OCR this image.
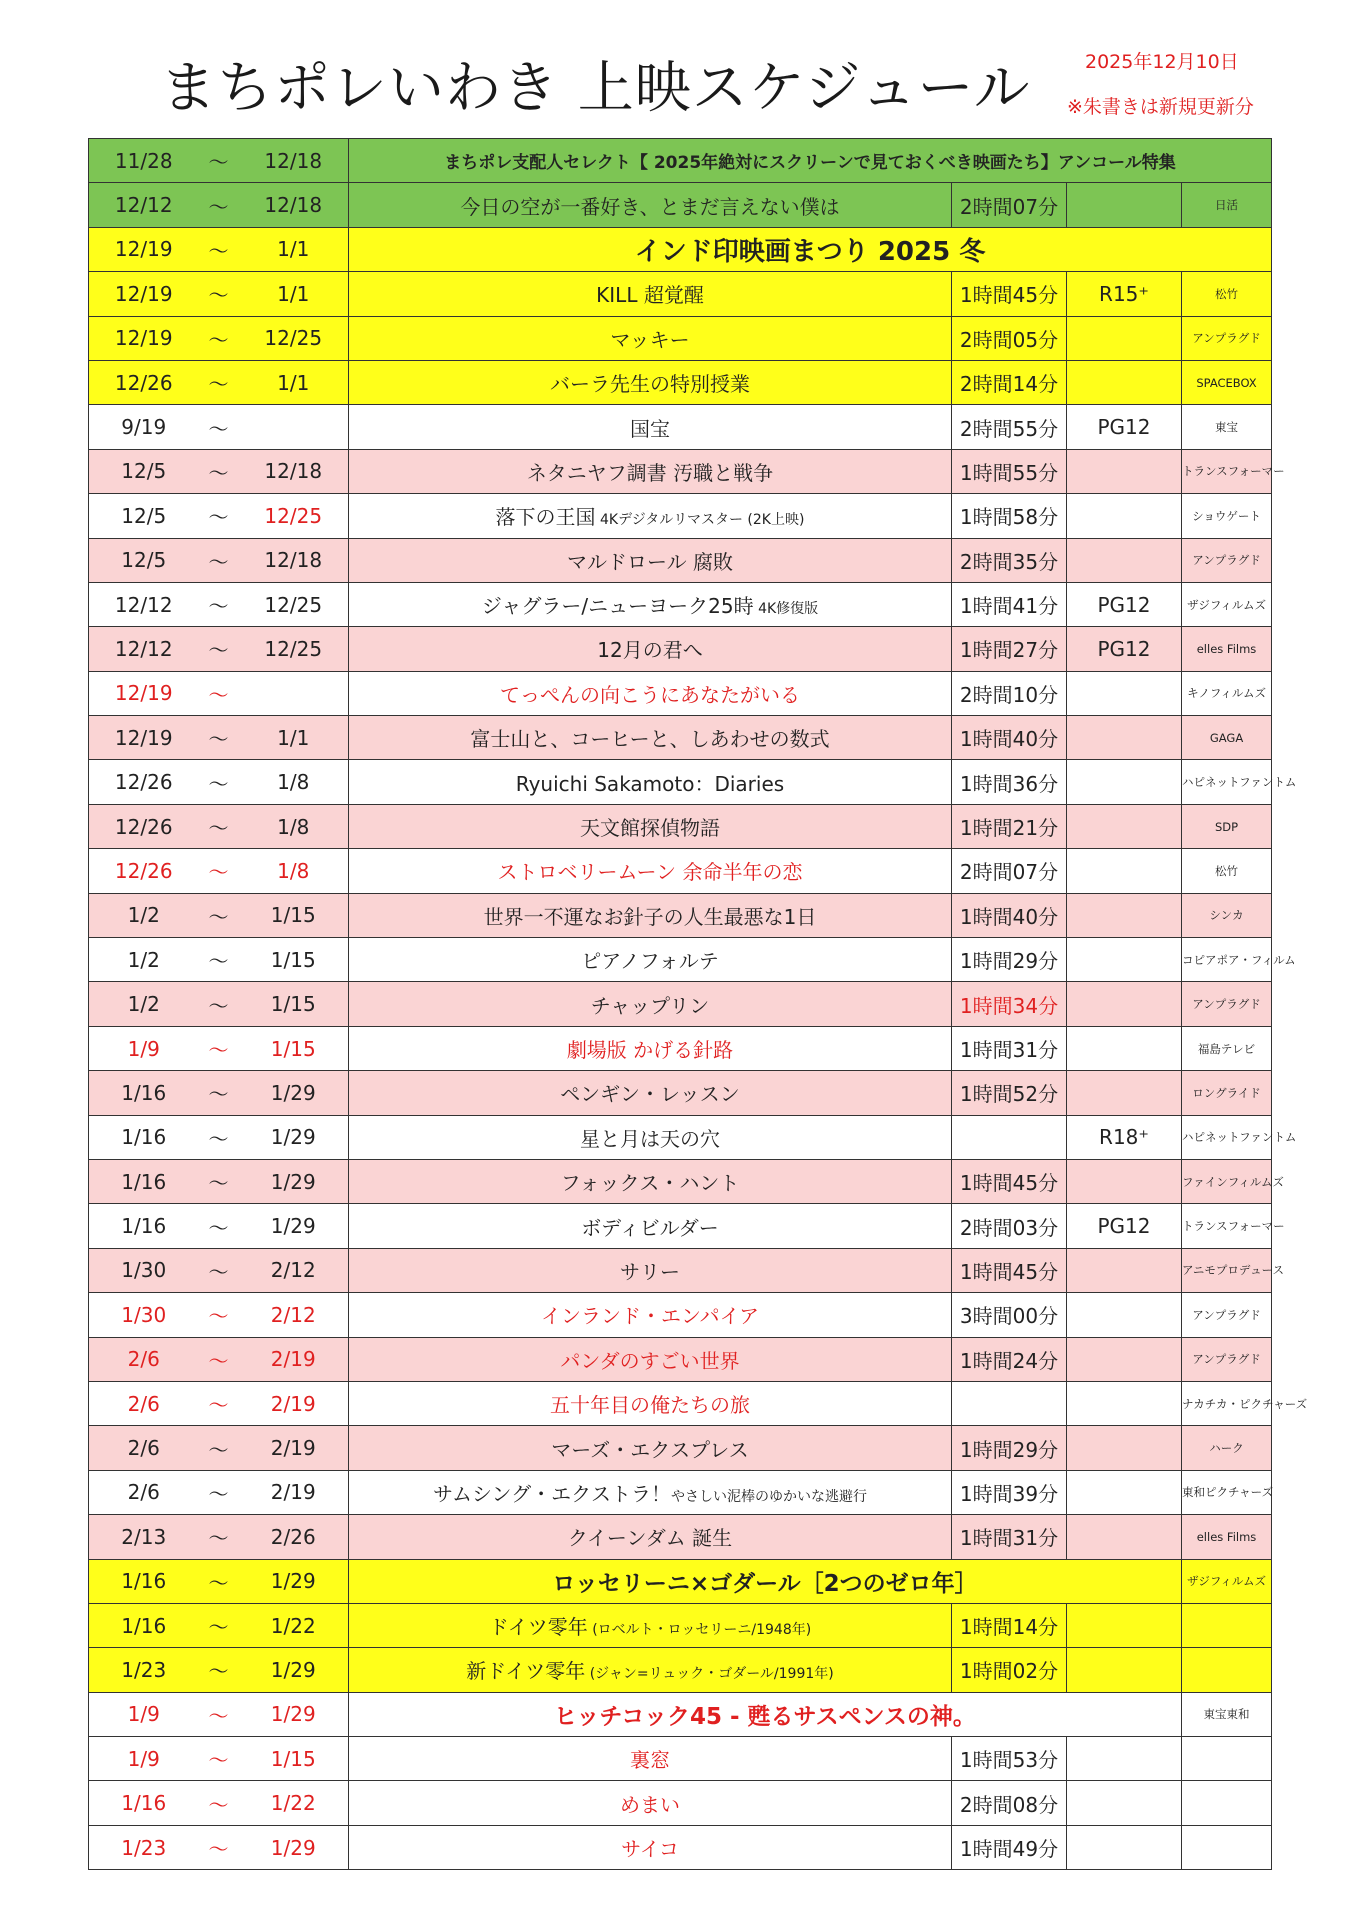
まちポレいわき 上映スケジュール	2025年12月10日
※朱書きは新規更新分
11/28	～	12/18	まちポレ支配人セレクト【 2025年絶対にスクリーンで見ておくべき映画たち】アンコール特集			
12/12	～	12/18	今日の空が一番好き、とまだ言えない僕は	2時間07分		日活
12/19	～	1/1	インド印映画まつり 2025 冬			
12/19	～	1/1	KILL 超覚醒	1時間45分	R15⁺	松竹
12/19	～	12/25	マッキー	2時間05分		アンプラグド
12/26	～	1/1	バーラ先生の特別授業	2時間14分		SPACEBOX
9/19	～		国宝	2時間55分	PG12	東宝
12/5	～	12/18	ネタニヤフ調書 汚職と戦争	1時間55分		トランスフォーマー
12/5	～	12/25	落下の王国 4Kデジタルリマスター (2K上映)	1時間58分		ショウゲート
12/5	～	12/18	マルドロール 腐敗	2時間35分		アンプラグド
12/12	～	12/25	ジャグラー/ニューヨーク25時 4K修復版	1時間41分	PG12	ザジフィルムズ
12/12	～	12/25	12月の君へ	1時間27分	PG12	elles Films
12/19	～		てっぺんの向こうにあなたがいる	2時間10分		キノフィルムズ
12/19	～	1/1	富士山と、コーヒーと、しあわせの数式	1時間40分		GAGA
12/26	～	1/8	Ryuichi Sakamoto：Diaries	1時間36分		ハピネットファントム
12/26	～	1/8	天文館探偵物語	1時間21分		SDP
12/26	～	1/8	ストロベリームーン 余命半年の恋	2時間07分		松竹
1/2	～	1/15	世界一不運なお針子の人生最悪な1日	1時間40分		シンカ
1/2	～	1/15	ピアノフォルテ	1時間29分		コピアポア・フィルム
1/2	～	1/15	チャップリン	1時間34分		アンプラグド
1/9	～	1/15	劇場版 かげる針路	1時間31分		福島テレビ
1/16	～	1/29	ペンギン・レッスン	1時間52分		ロングライド
1/16	～	1/29	星と月は天の穴		R18⁺	ハピネットファントム
1/16	～	1/29	フォックス・ハント	1時間45分		ファインフィルムズ
1/16	～	1/29	ボディビルダー	2時間03分	PG12	トランスフォーマー
1/30	～	2/12	サリー	1時間45分		アニモプロデュース
1/30	～	2/12	インランド・エンパイア	3時間00分		アンプラグド
2/6	～	2/19	パンダのすごい世界	1時間24分		アンプラグド
2/6	～	2/19	五十年目の俺たちの旅			ナカチカ・ピクチャーズ
2/6	～	2/19	マーズ・エクスプレス	1時間29分		ハーク
2/6	～	2/19	サムシング・エクストラ！やさしい泥棒のゆかいな逃避行	1時間39分		東和ピクチャーズ
2/13	～	2/26	クイーンダム 誕生	1時間31分		elles Films
1/16	～	1/29	ロッセリーニ×ゴダール［2つのゼロ年］			ザジフィルムズ
1/16	～	1/22	ドイツ零年 (ロベルト・ロッセリーニ/1948年)	1時間14分		
1/23	～	1/29	新ドイツ零年 (ジャン=リュック・ゴダール/1991年)	1時間02分		
1/9	～	1/29	ヒッチコック45 - 甦るサスペンスの神。			東宝東和
1/9	～	1/15	裏窓	1時間53分		
1/16	～	1/22	めまい	2時間08分		
1/23	～	1/29	サイコ	1時間49分		
